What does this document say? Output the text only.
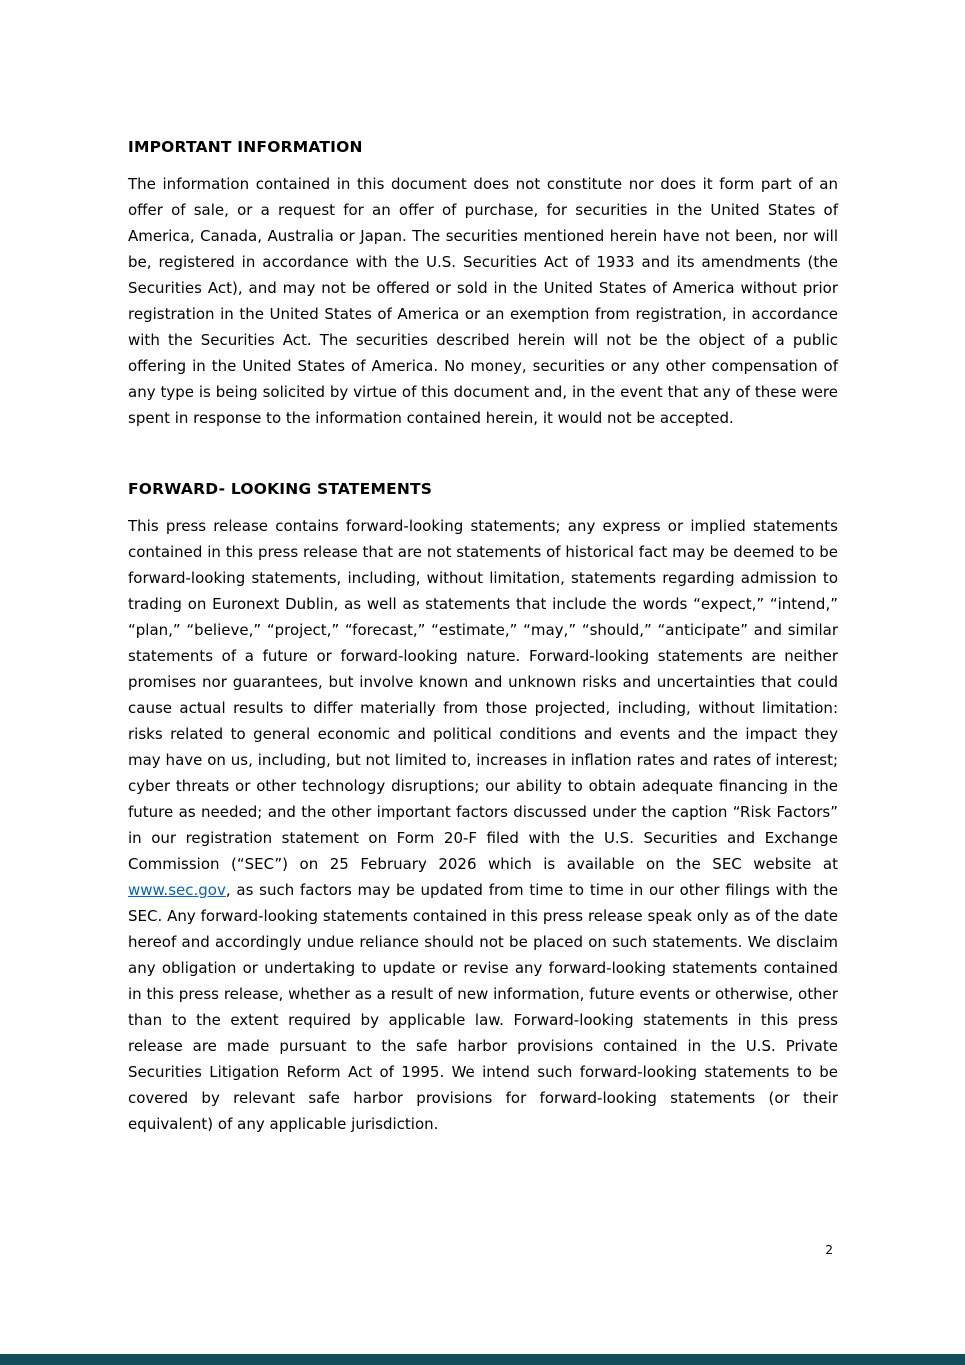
IMPORTANT INFORMATION

The information contained in this document does not constitute nor does it form part of an offer of sale, or a request for an offer of purchase, for securities in the United States of America, Canada, Australia or Japan. The securities mentioned herein have not been, nor will be, registered in accordance with the U.S. Securities Act of 1933 and its amendments (the Securities Act), and may not be offered or sold in the United States of America without prior registration in the United States of America or an exemption from registration, in accordance with the Securities Act. The securities described herein will not be the object of a public offering in the United States of America. No money, securities or any other compensation of any type is being solicited by virtue of this document and, in the event that any of these were spent in response to the information contained herein, it would not be accepted.

FORWARD- LOOKING STATEMENTS

This press release contains forward-looking statements; any express or implied statements contained in this press release that are not statements of historical fact may be deemed to be forward-looking statements, including, without limitation, statements regarding admission to trading on Euronext Dublin, as well as statements that include the words “expect,” “intend,” “plan,” “believe,” “project,” “forecast,” “estimate,” “may,” “should,” “anticipate” and similar statements of a future or forward-looking nature. Forward-looking statements are neither promises nor guarantees, but involve known and unknown risks and uncertainties that could cause actual results to differ materially from those projected, including, without limitation: risks related to general economic and political conditions and events and the impact they may have on us, including, but not limited to, increases in inflation rates and rates of interest; cyber threats or other technology disruptions; our ability to obtain adequate financing in the future as needed; and the other important factors discussed under the caption “Risk Factors” in our registration statement on Form 20-F filed with the U.S. Securities and Exchange Commission (“SEC”) on 25 February 2026 which is available on the SEC website at www.sec.gov, as such factors may be updated from time to time in our other filings with the SEC. Any forward-looking statements contained in this press release speak only as of the date hereof and accordingly undue reliance should not be placed on such statements. We disclaim any obligation or undertaking to update or revise any forward-looking statements contained in this press release, whether as a result of new information, future events or otherwise, other than to the extent required by applicable law. Forward-looking statements in this press release are made pursuant to the safe harbor provisions contained in the U.S. Private Securities Litigation Reform Act of 1995. We intend such forward-looking statements to be covered by relevant safe harbor provisions for forward-looking statements (or their equivalent) of any applicable jurisdiction.

2
